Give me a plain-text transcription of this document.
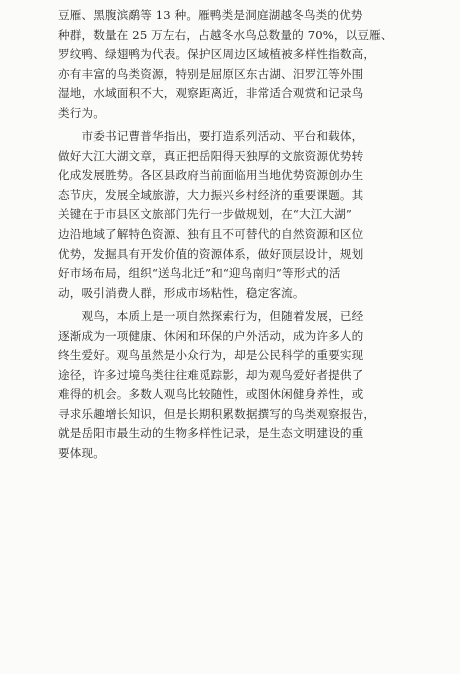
豆雁、黑腹滨鹬等 13 种。雁鸭类是洞庭湖越冬鸟类的优势
种群，数量在 25 万左右，占越冬水鸟总数量的 70%，以豆雁、
罗纹鸭、绿翅鸭为代表。保护区周边区域植被多样性指数高，
亦有丰富的鸟类资源，特别是屈原区东古湖、汨罗江等外围
湿地，水域面积不大，观察距离近，非常适合观赏和记录鸟
类行为。
　　市委书记曹普华指出，要打造系列活动、平台和载体，
做好大江大湖文章，真正把岳阳得天独厚的文旅资源优势转
化成发展胜势。各区县政府当前面临用当地优势资源创办生
态节庆，发展全域旅游，大力振兴乡村经济的重要课题。其
关键在于市县区文旅部门先行一步做规划，在“大江大湖”
边沿地域了解特色资源、独有且不可替代的自然资源和区位
优势，发掘具有开发价值的资源体系，做好顶层设计，规划
好市场布局，组织“送鸟北迁”和“迎鸟南归”等形式的活
动，吸引消费人群，形成市场粘性，稳定客流。
　　观鸟，本质上是一项自然探索行为，但随着发展，已经
逐渐成为一项健康、休闲和环保的户外活动，成为许多人的
终生爱好。观鸟虽然是小众行为，却是公民科学的重要实现
途径，许多过境鸟类往往难觅踪影，却为观鸟爱好者提供了
难得的机会。多数人观鸟比较随性，或图休闲健身养性，或
寻求乐趣增长知识，但是长期积累数据撰写的鸟类观察报告，
就是岳阳市最生动的生物多样性记录，是生态文明建设的重
要体现。
